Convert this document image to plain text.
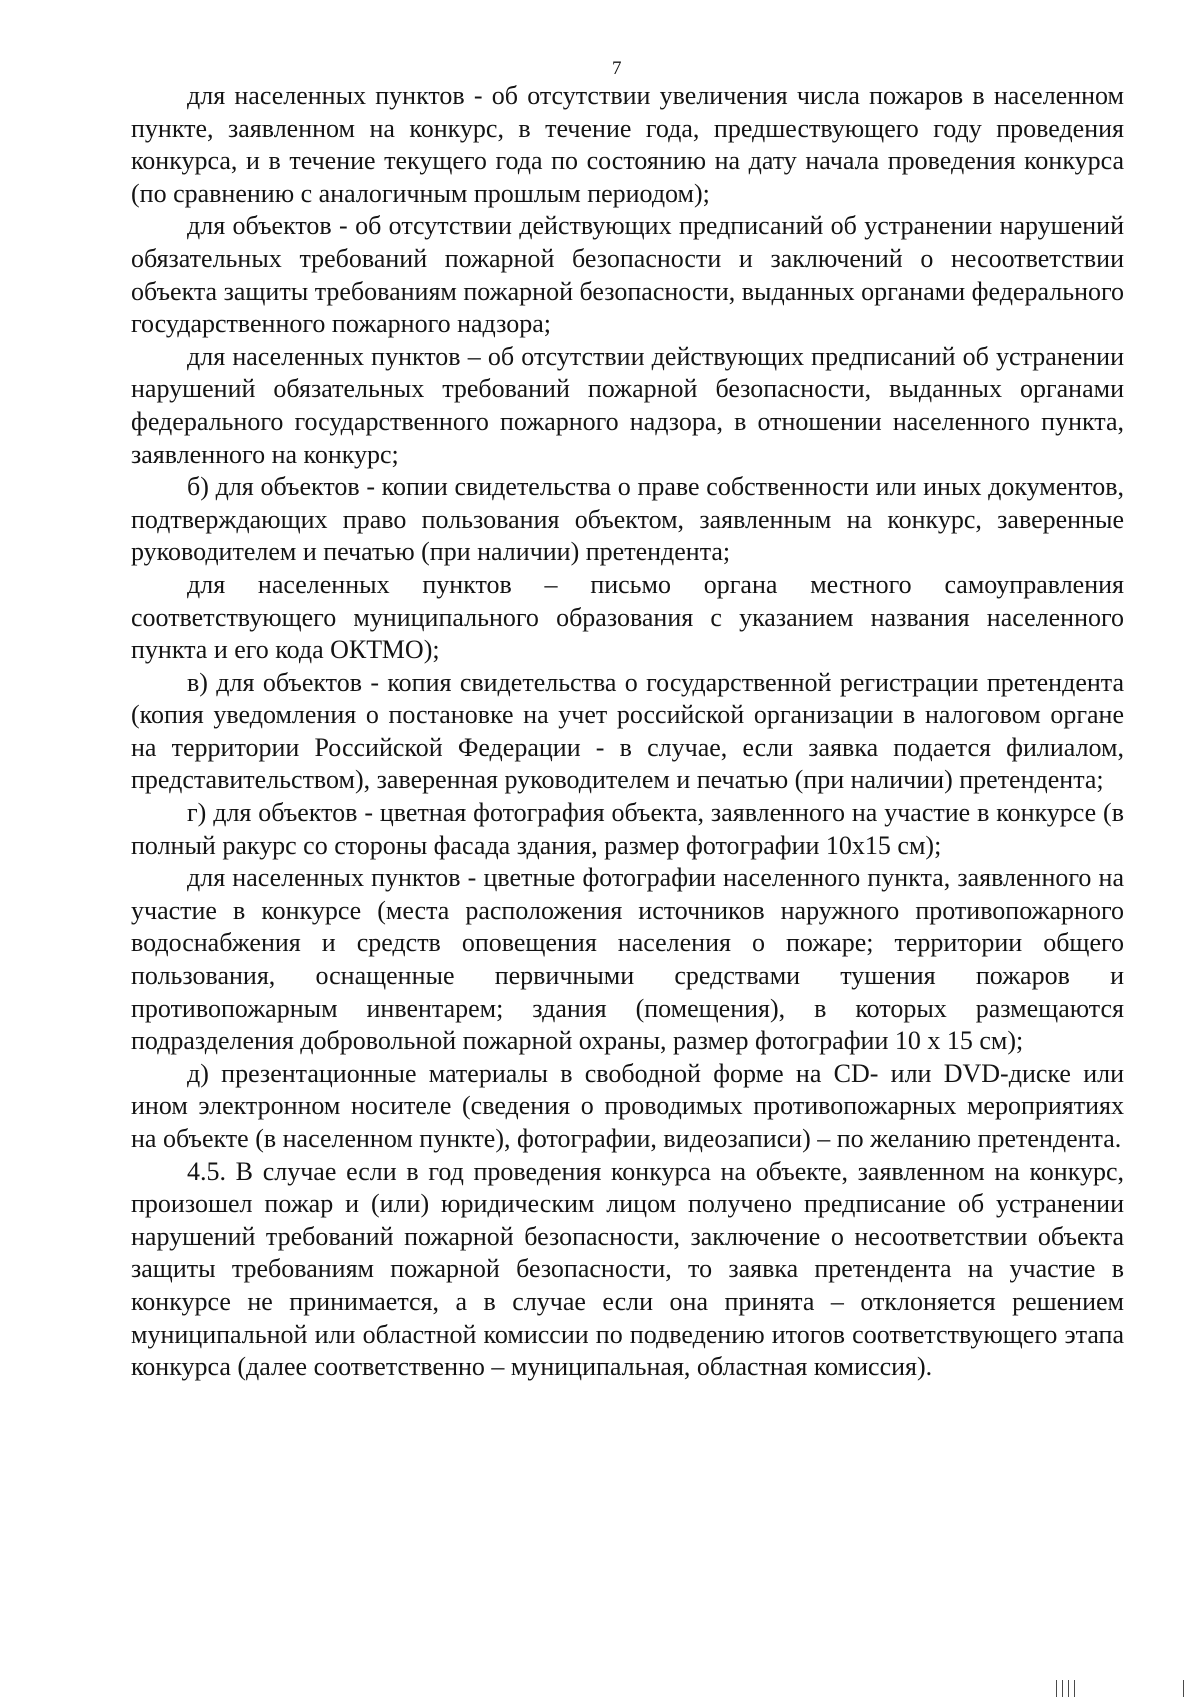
7

для населенных пунктов - об отсутствии увеличения числа пожаров в населенном пункте, заявленном на конкурс, в течение года, предшествующего году проведения конкурса, и в течение текущего года по состоянию на дату начала проведения конкурса (по сравнению с аналогичным прошлым периодом);

для объектов - об отсутствии действующих предписаний об устранении нарушений обязательных требований пожарной безопасности и заключений о несоответствии объекта защиты требованиям пожарной безопасности, выданных органами федерального государственного пожарного надзора;

для населенных пунктов – об отсутствии действующих предписаний об устранении нарушений обязательных требований пожарной безопасности, выданных органами федерального государственного пожарного надзора, в отношении населенного пункта, заявленного на конкурс;

б) для объектов - копии свидетельства о праве собственности или иных документов, подтверждающих право пользования объектом, заявленным на конкурс, заверенные руководителем и печатью (при наличии) претендента;

для населенных пунктов – письмо органа местного самоуправления соответствующего муниципального образования с указанием названия населенного пункта и его кода ОКТМО);

в) для объектов - копия свидетельства о государственной регистрации претендента (копия уведомления о постановке на учет российской организации в налоговом органе на территории Российской Федерации - в случае, если заявка подается филиалом, представительством), заверенная руководителем и печатью (при наличии) претендента;

г) для объектов - цветная фотография объекта, заявленного на участие в конкурсе (в полный ракурс со стороны фасада здания, размер фотографии 10х15 см);

для населенных пунктов - цветные фотографии населенного пункта, заявленного на участие в конкурсе (места расположения источников наружного противопожарного водоснабжения и средств оповещения населения о пожаре; территории общего пользования, оснащенные первичными средствами тушения пожаров и противопожарным инвентарем; здания (помещения), в которых размещаются подразделения добровольной пожарной охраны, размер фотографии 10 х 15 см);

д) презентационные материалы в свободной форме на CD- или DVD-диске или ином электронном носителе (сведения о проводимых противопожарных мероприятиях на объекте (в населенном пункте), фотографии, видеозаписи) – по желанию претендента.

4.5. В случае если в год проведения конкурса на объекте, заявленном на конкурс, произошел пожар и (или) юридическим лицом получено предписание об устранении нарушений требований пожарной безопасности, заключение о несоответствии объекта защиты требованиям пожарной безопасности, то заявка претендента на участие в конкурсе не принимается, а в случае если она принята – отклоняется решением муниципальной или областной комиссии по подведению итогов соответствующего этапа конкурса (далее соответственно – муниципальная, областная комиссия).
